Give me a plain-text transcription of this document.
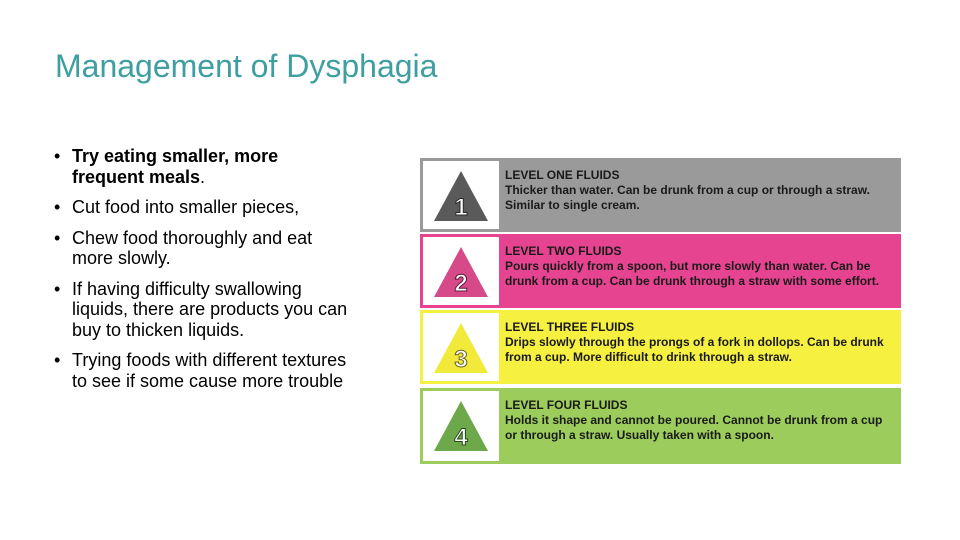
Management of Dysphagia
• Try eating smaller, more frequent meals.
• Cut food into smaller pieces,
• Chew food thoroughly and eat more slowly.
• If having difficulty swallowing liquids, there are products you can buy to thicken liquids.
• Trying foods with different textures to see if some cause more trouble
1
LEVEL ONE FLUIDS
Thicker than water. Can be drunk from a cup or through a straw. Similar to single cream.
2
LEVEL TWO FLUIDS
Pours quickly from a spoon, but more slowly than water. Can be drunk from a cup. Can be drunk through a straw with some effort.
3
LEVEL THREE FLUIDS
Drips slowly through the prongs of a fork in dollops. Can be drunk from a cup. More difficult to drink through a straw.
4
LEVEL FOUR FLUIDS
Holds it shape and cannot be poured. Cannot be drunk from a cup or through a straw. Usually taken with a spoon.
